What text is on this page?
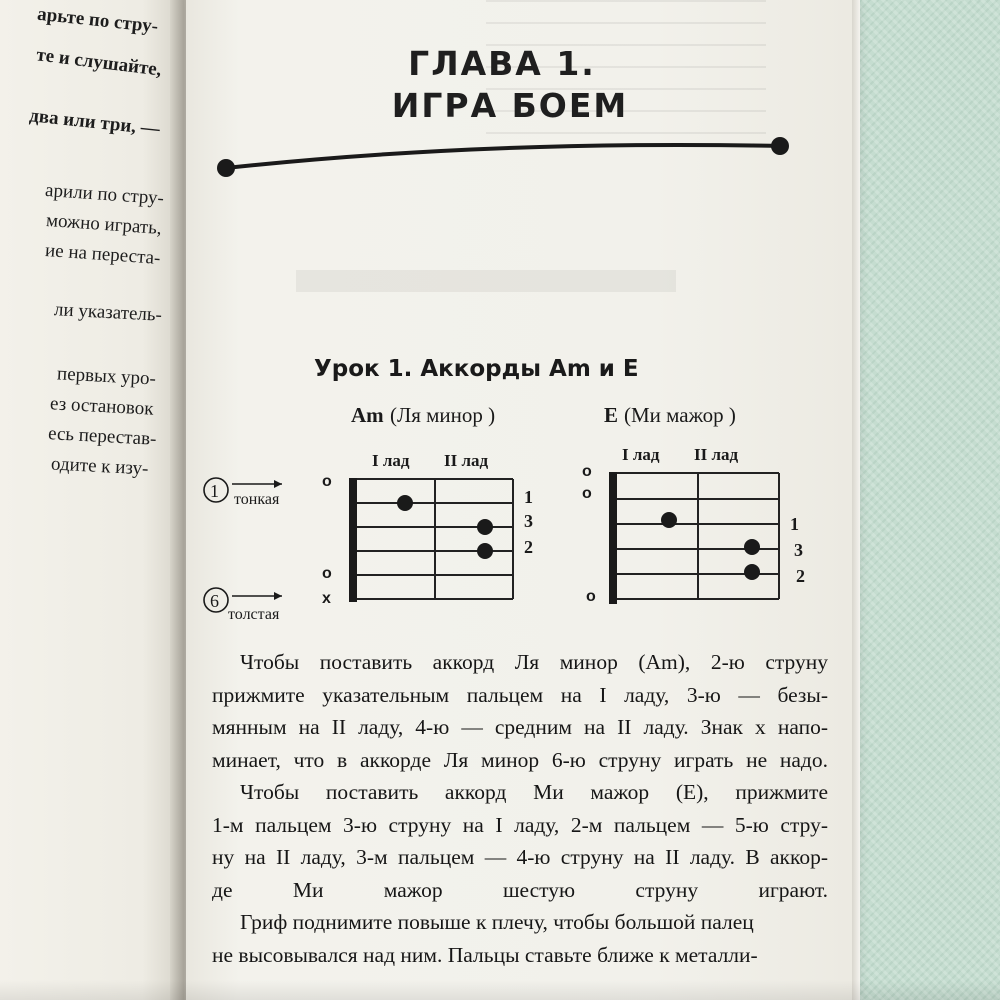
арьте по стру-
те и слушайте,
два или три, —
арили по стру-
можно играть,
ие на переста-
ли указатель-
первых уро-
ез остановок
есь перестав-
одите к изу-
ГЛАВА 1.
ИГРА БОЕМ
Урок 1. Аккорды Am и E
Am (Ля минор )
I лад II лад
E (Ми мажор )
I лад II лад
о
о
х
1
3
2
1 тонкая
6
толстая
о
о
о
1
3
2

Чтобы поставить аккорд Ля минор (Am), 2-ю струну
прижмите указательным пальцем на I ладу, 3-ю — безы-
мянным на II ладу, 4-ю — средним на II ладу. Знак х напо-
минает, что в аккорде Ля минор 6-ю струну играть не надо.

Чтобы поставить аккорд Ми мажор (E), прижмите
1-м пальцем 3-ю струну на I ладу, 2-м пальцем — 5-ю стру-
ну на II ладу, 3-м пальцем — 4-ю струну на II ладу. В аккор-
де Ми мажор шестую струну играют.

Гриф поднимите повыше к плечу, чтобы большой палец
не высовывался над ним. Пальцы ставьте ближе к металли-
